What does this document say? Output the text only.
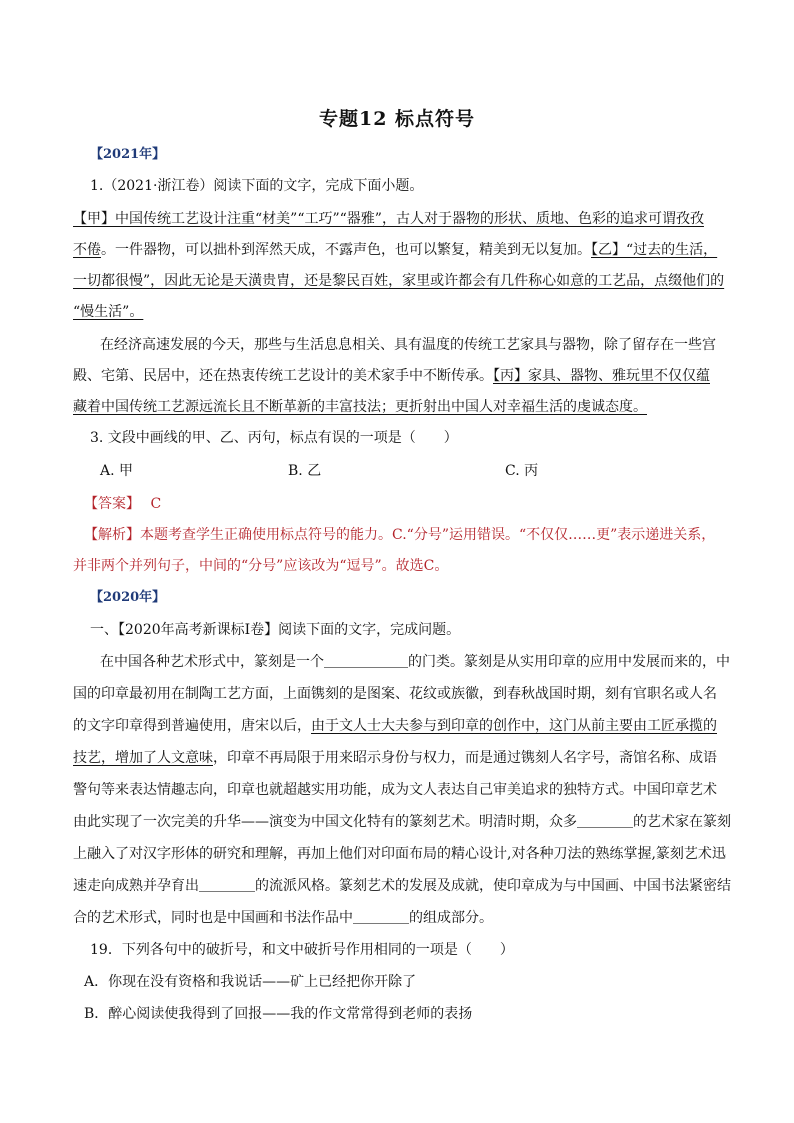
专题12 标点符号
【2021年】
1.（2021·浙江卷）阅读下面的文字，完成下面小题。
【甲】中国传统工艺设计注重“材美”“工巧”“器雅”，古人对于器物的形状、质地、色彩的追求可谓孜孜
不倦。一件器物，可以拙朴到浑然天成，不露声色，也可以繁复，精美到无以复加。【乙】“过去的生活，
一切都很慢”，因此无论是天潢贵胄，还是黎民百姓，家里或许都会有几件称心如意的工艺品，点缀他们的
“慢生活”。
在经济高速发展的今天，那些与生活息息相关、具有温度的传统工艺家具与器物，除了留存在一些宫
殿、宅第、民居中，还在热衷传统工艺设计的美术家手中不断传承。【丙】家具、器物、雅玩里不仅仅蕴
藏着中国传统工艺源远流长且不断革新的丰富技法；更折射出中国人对幸福生活的虔诚态度。
3. 文段中画线的甲、乙、丙句，标点有误的一项是（　　）
A. 甲	B. 乙	C. 丙
【答案】 C
【解析】本题考查学生正确使用标点符号的能力。C.“分号”运用错误。“不仅仅……更”表示递进关系，
并非两个并列句子，中间的“分号”应该改为“逗号”。故选C。
【2020年】
一、【2020年高考新课标Ⅰ卷】阅读下面的文字，完成问题。
在中国各种艺术形式中，篆刻是一个＿＿＿＿＿＿的门类。篆刻是从实用印章的应用中发展而来的，中
国的印章最初用在制陶工艺方面，上面镌刻的是图案、花纹或族徽，到春秋战国时期，刻有官职名或人名
的文字印章得到普遍使用，唐宋以后，由于文人士大夫参与到印章的创作中，这门从前主要由工匠承揽的
技艺，增加了人文意味，印章不再局限于用来昭示身份与权力，而是通过镌刻人名字号，斋馆名称、成语
警句等来表达情趣志向，印章也就超越实用功能，成为文人表达自己审美追求的独特方式。中国印章艺术
由此实现了一次完美的升华——演变为中国文化特有的篆刻艺术。明清时期，众多＿＿＿＿的艺术家在篆刻
上融入了对汉字形体的研究和理解，再加上他们对印面布局的精心设计,对各种刀法的熟练掌握,篆刻艺术迅
速走向成熟并孕育出＿＿＿＿的流派风格。篆刻艺术的发展及成就，使印章成为与中国画、中国书法紧密结
合的艺术形式，同时也是中国画和书法作品中＿＿＿＿的组成部分。
19．下列各句中的破折号，和文中破折号作用相同的一项是（　　）
A．你现在没有资格和我说话——矿上已经把你开除了
B．醉心阅读使我得到了回报——我的作文常常得到老师的表扬
